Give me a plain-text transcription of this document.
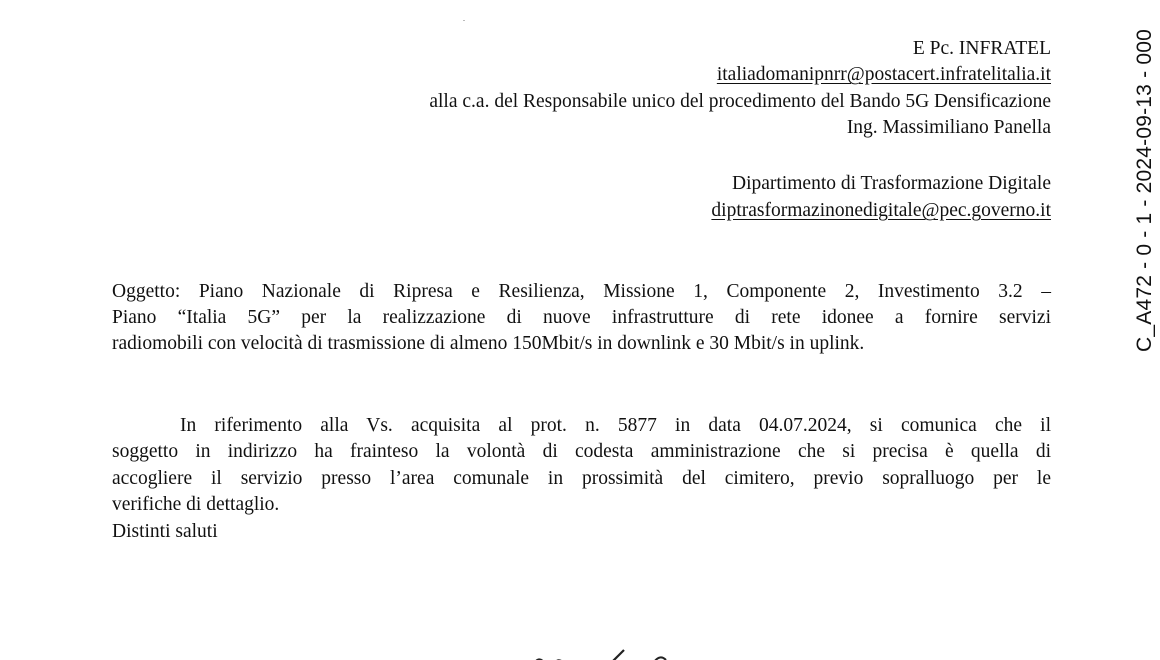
E Pc. INFRATEL
italiadomanipnrr@postacert.infratelitalia.it
alla c.a. del Responsabile unico del procedimento del Bando 5G Densificazione
Ing. Massimiliano Panella
Dipartimento di Trasformazione Digitale
diptrasformazinonedigitale@pec.governo.it
Oggetto: Piano Nazionale di Ripresa e Resilienza, Missione 1, Componente 2, Investimento 3.2 –
Piano “Italia 5G” per la realizzazione di nuove infrastrutture di rete idonee a fornire servizi
radiomobili con velocità di trasmissione di almeno 150Mbit/s in downlink e 30 Mbit/s in uplink.
In riferimento alla Vs. acquisita al prot. n. 5877 in data 04.07.2024, si comunica che il
soggetto in indirizzo ha frainteso la volontà di codesta amministrazione che si precisa è quella di
accogliere il servizio presso l’area comunale in prossimità del cimitero, previo sopralluogo per le
verifiche di dettaglio.
Distinti saluti
C_A472 - 0 - 1 - 2024-09-13 - 000
